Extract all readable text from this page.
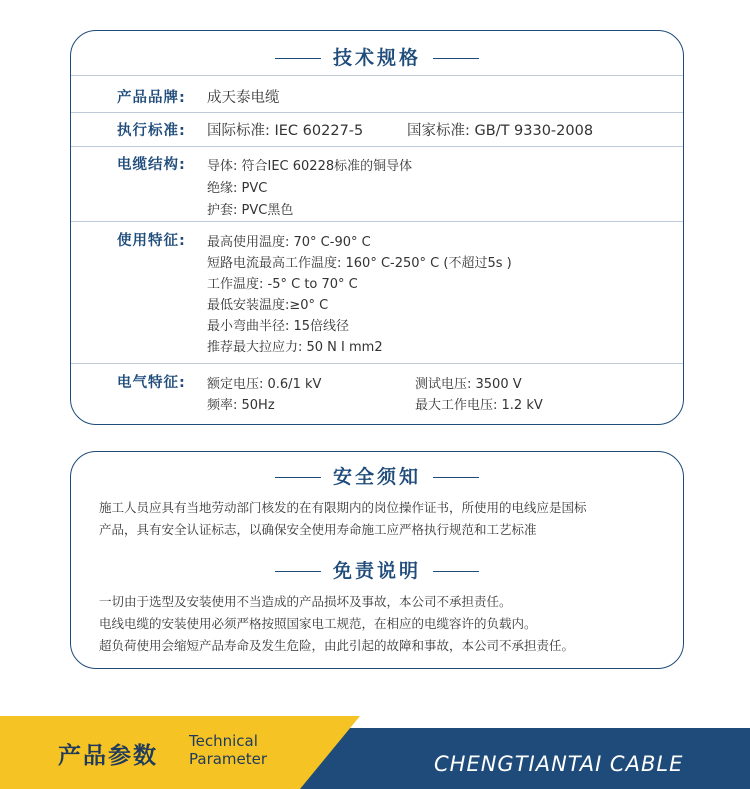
技术规格
产品品牌: 成天泰电缆
执行标准: 国际标准: IEC 60227-5	国家标准: GB/T 9330-2008
电缆结构: 导体: 符合IEC 60228标准的铜导体
绝缘: PVC
护套: PVC黑色
使用特征: 最高使用温度: 70° C-90° C
短路电流最高工作温度: 160° C-250° C (不超过5s )
工作温度: -5° C to 70° C
最低安装温度:≥0° C
最小弯曲半径: 15倍线径
推荐最大拉应力: 50 N I mm2
电气特征: 额定电压: 0.6/1 kV
频率: 50Hz
测试电压: 3500 V
最大工作电压: 1.2 kV
安全须知
施工人员应具有当地劳动部门核发的在有限期内的岗位操作证书，所使用的电线应是国标
产品，具有安全认证标志，以确保安全使用寿命施工应严格执行规范和工艺标准
免责说明
一切由于选型及安装使用不当造成的产品损坏及事故，本公司不承担责任。
电线电缆的安装使用必须严格按照国家电工规范，在相应的电缆容许的负载内。
超负荷使用会缩短产品寿命及发生危险，由此引起的故障和事故，本公司不承担责任。
产品参数
Technical
Parameter	CHENGTIANTAI CABLE
